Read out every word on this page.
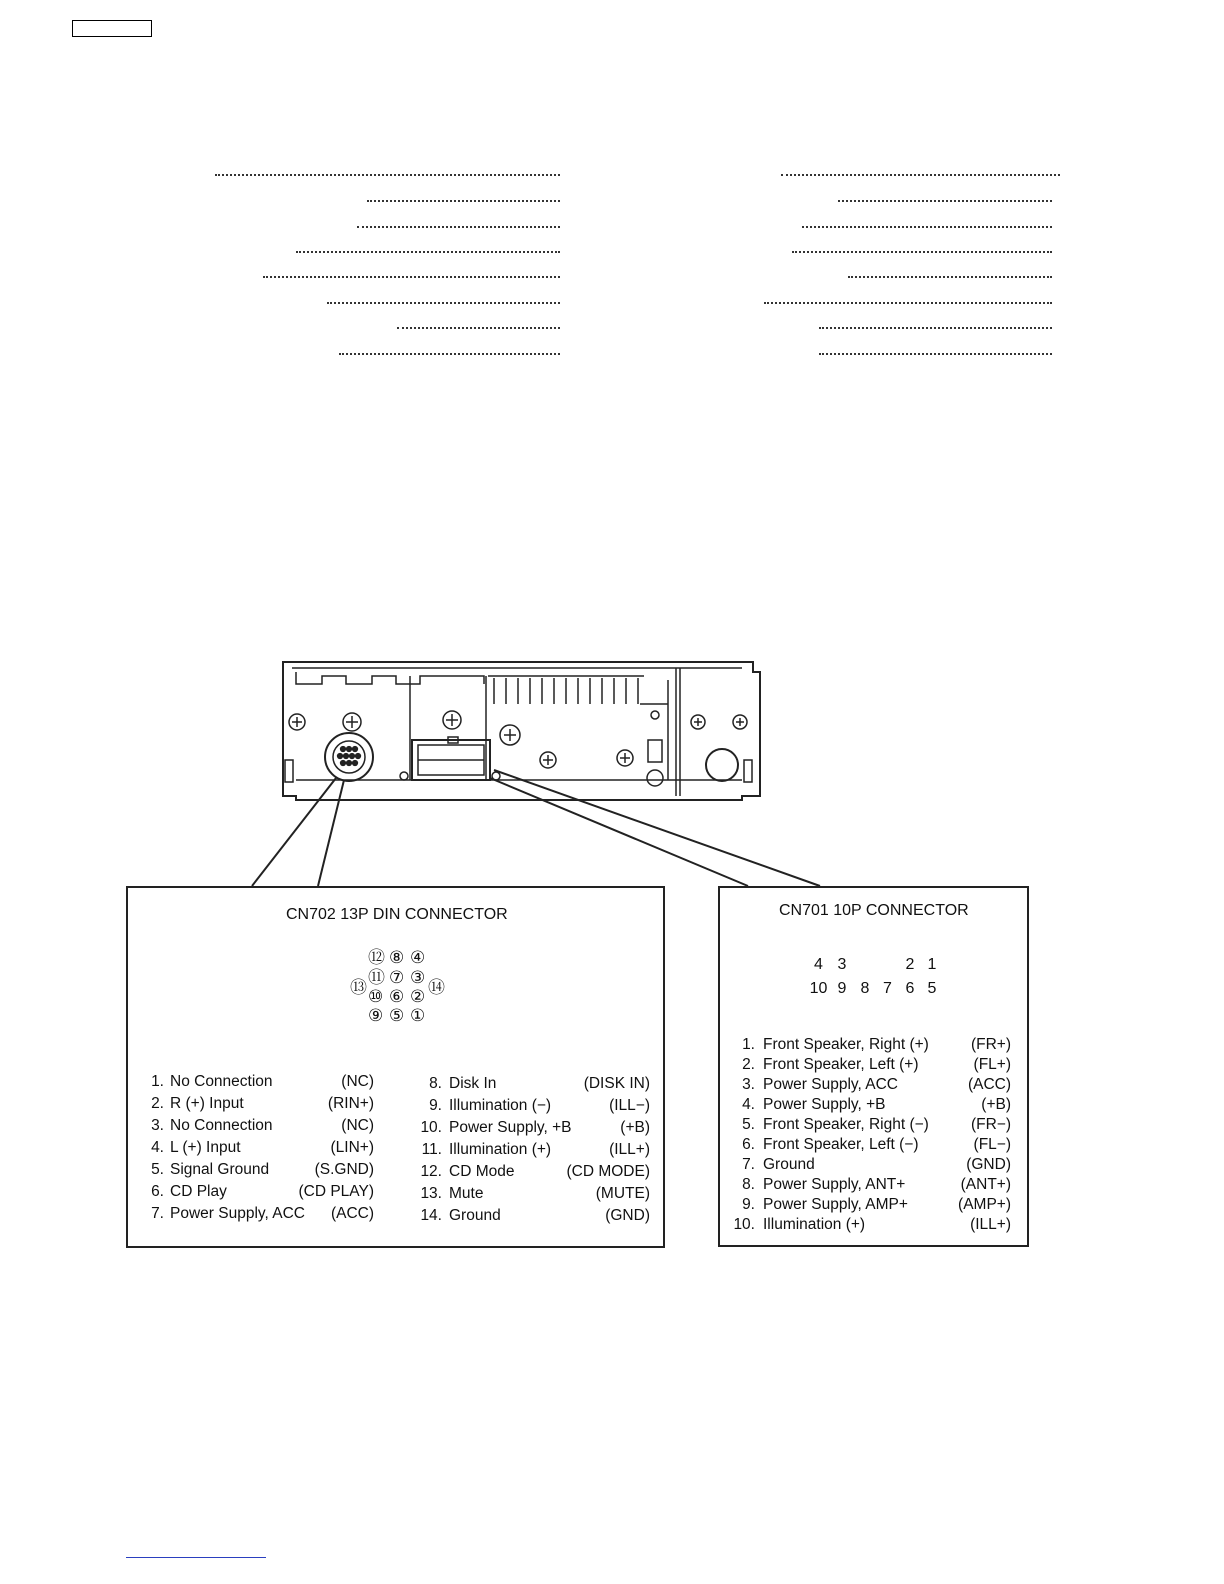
CN702 13P DIN CONNECTOR
⑫ ⑧ ④
⑪ ⑦ ③
⑬ ⑩ ⑥ ② ⑭
⑨ ⑤ ①
1. No Connection	(NC)
2. R (+) Input	(RIN+)
3. No Connection	(NC)
4. L (+) Input	(LIN+)
5. Signal Ground	(S.GND)
6. CD Play	(CD PLAY)
7. Power Supply, ACC (ACC)
8. Disk In	(DISK IN)
9. Illumination (−)	(ILL−)
10. Power Supply, +B	(+B)
11. Illumination (+)	(ILL+)
12. CD Mode	(CD MODE)
13. Mute	(MUTE)
14. Ground	(GND)
CN701 10P CONNECTOR
4 3	2 1
10 9 8 7 6 5
1. Front Speaker, Right (+)	(FR+)
2. Front Speaker, Left (+)	(FL+)
3. Power Supply, ACC	(ACC)
4. Power Supply, +B	(+B)
5. Front Speaker, Right (−)	(FR−)
6. Front Speaker, Left (−)	(FL−)
7. Ground	(GND)
8. Power Supply, ANT+	(ANT+)
9. Power Supply, AMP+	(AMP+)
10. Illumination (+)	(ILL+)
